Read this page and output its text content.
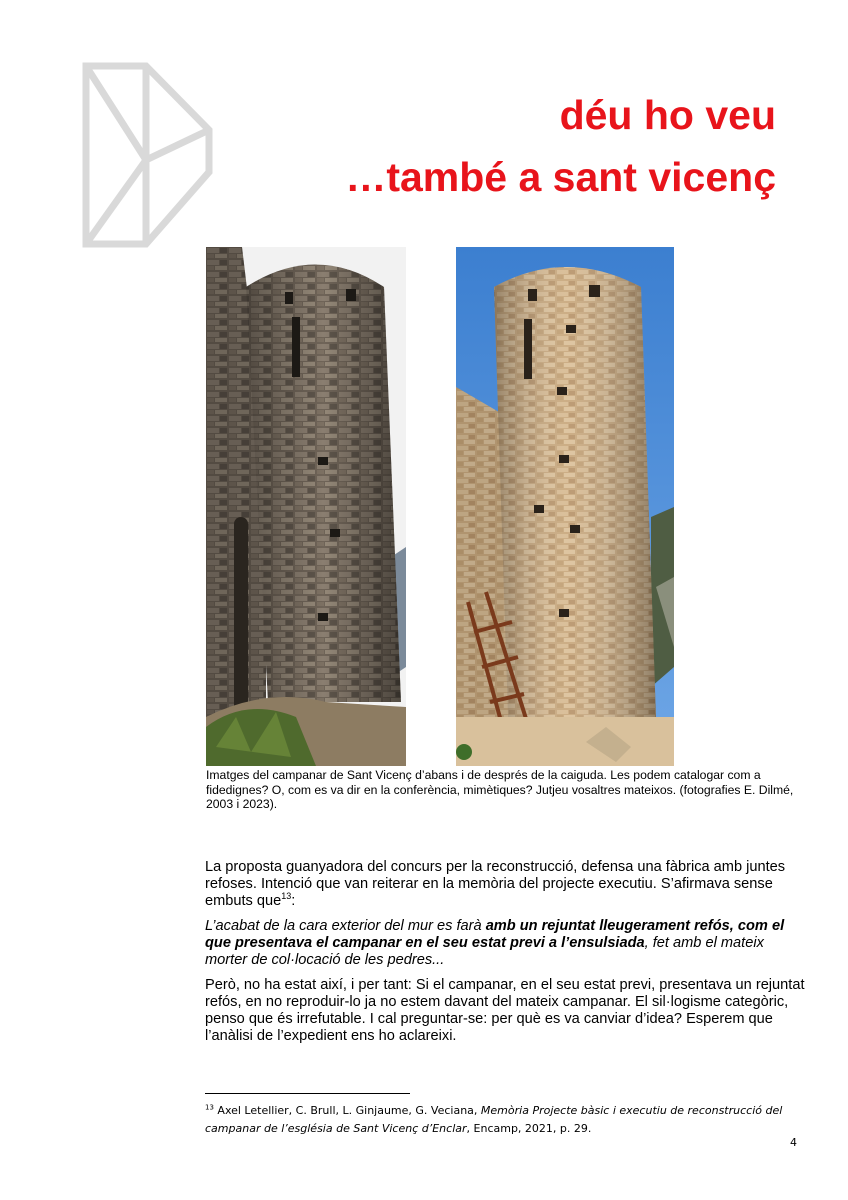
déu ho veu
…també a sant vicenç
Imatges del campanar de Sant Vicenç d’abans i de després de la caiguda. Les podem catalogar com a fidedignes? O, com es va dir en la conferència, mimètiques? Jutjeu vosaltres mateixos. (fotografies E. Dilmé, 2003 i 2023).

La proposta guanyadora del concurs per la reconstrucció, defensa una fàbrica amb juntes refoses. Intenció que van reiterar en la memòria del projecte executiu. S’afirmava sense embuts que$^{13}$:

L’acabat de la cara exterior del mur es farà amb un rejuntat lleugerament refós, com el que presentava el campanar en el seu estat previ a l’ensulsiada, fet amb el mateix morter de col·locació de les pedres...

Però, no ha estat així, i per tant: Si el campanar, en el seu estat previ, presentava un rejuntat refós, en no reproduir-lo ja no estem davant del mateix campanar. El sil·logisme categòric, penso que és irrefutable. I cal preguntar-se: per què es va canviar d’idea? Esperem que l’anàlisi de l’expedient ens ho aclareixi.

$^{13}$ Axel Letellier, C. Brull, L. Ginjaume, G. Veciana, Memòria Projecte bàsic i executiu de reconstrucció del campanar de l’església de Sant Vicenç d’Enclar, Encamp, 2021, p. 29.
4
